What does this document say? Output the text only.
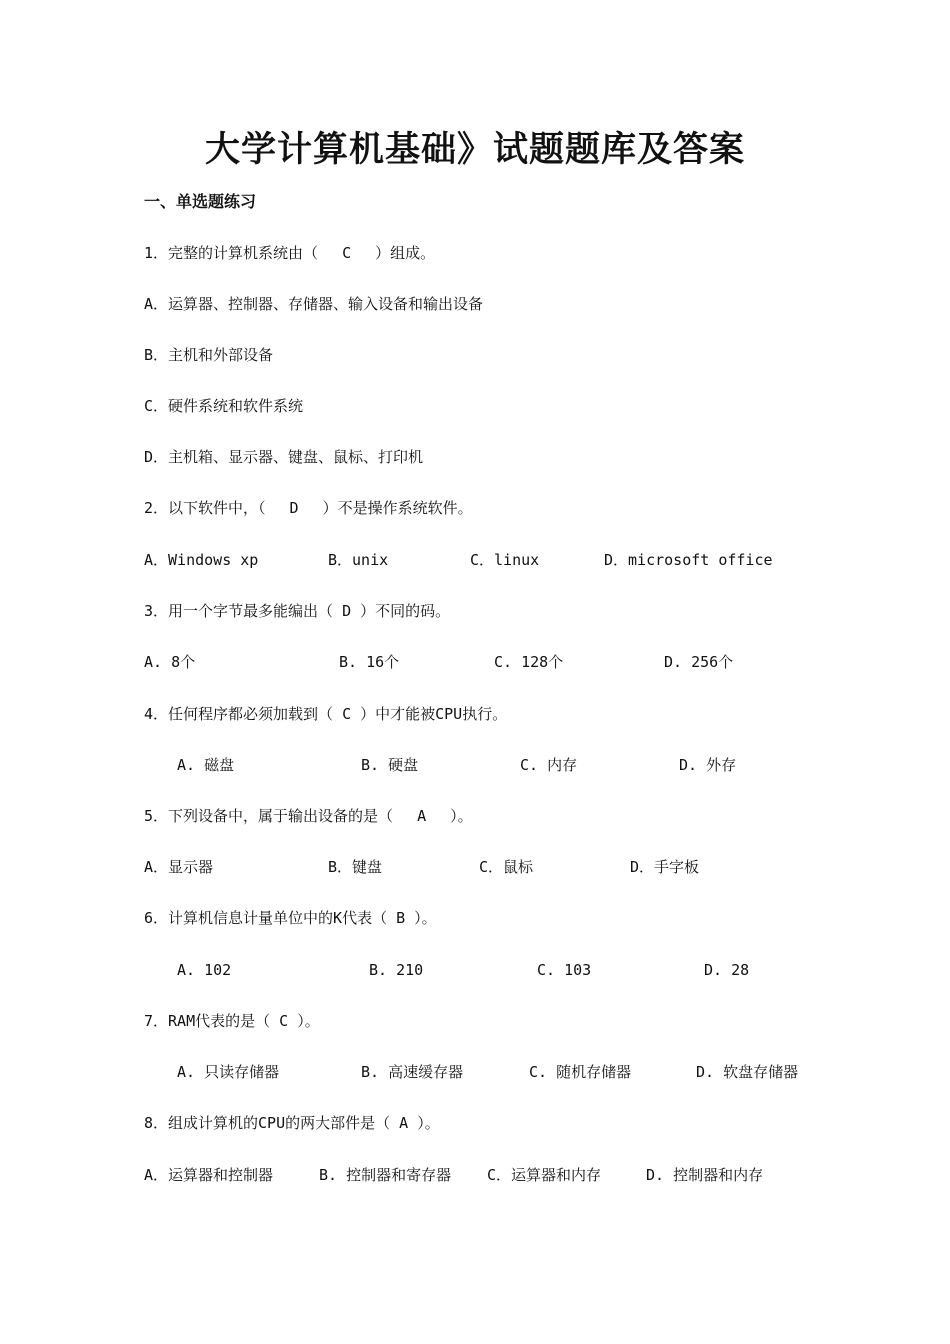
大学计算机基础》试题题库及答案
一、单选题练习

1．完整的计算机系统由（　 C　 ）组成。

A．运算器、控制器、存储器、输入设备和输出设备

B．主机和外部设备

C．硬件系统和软件系统

D．主机箱、显示器、键盘、鼠标、打印机

2．以下软件中，（　 D　 ）不是操作系统软件。

A．Windows xp	B．unix	C．linux	D．microsoft office

3．用一个字节最多能编出（ D ）不同的码。

A. 8个	B. 16个	C. 128个	D. 256个

4．任何程序都必须加载到（ C ）中才能被CPU执行。

A. 磁盘	B. 硬盘	C. 内存	D. 外存

5．下列设备中，属于输出设备的是（　 A　 ）。

A．显示器	B．键盘	C．鼠标	D．手字板

6．计算机信息计量单位中的K代表（ B ）。

A. 102	B. 210	C. 103	D. 28

7．RAM代表的是（ C ）。

A. 只读存储器	B. 高速缓存器	C. 随机存储器	D. 软盘存储器

8．组成计算机的CPU的两大部件是（ A ）。

A．运算器和控制器	B. 控制器和寄存器 C．运算器和内存	D. 控制器和内存
